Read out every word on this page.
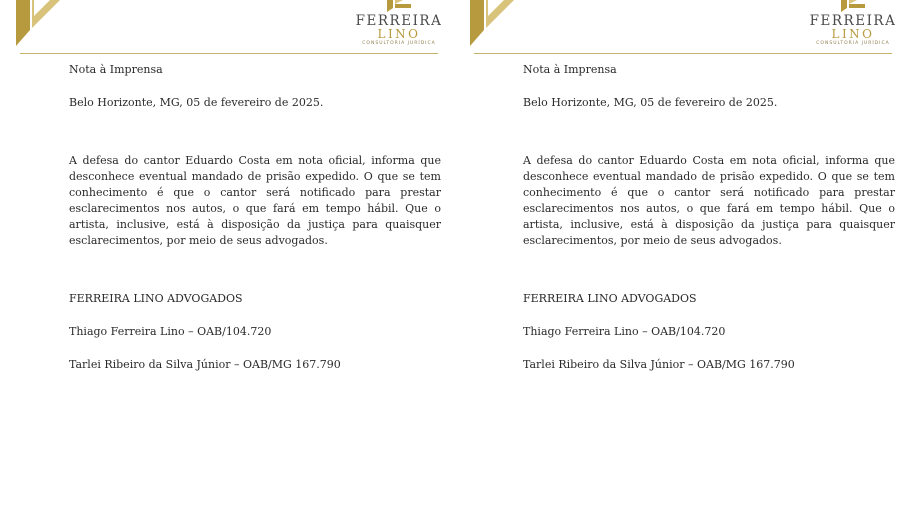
FERREIRA
LINO
CONSULTORIA JURÍDICA

Nota à Imprensa

Belo Horizonte, MG, 05 de fevereiro de 2025.

A defesa do cantor Eduardo Costa em nota oficial, informa que desconhece eventual mandado de prisão expedido. O que se tem conhecimento é que o cantor será notificado para prestar esclarecimentos nos autos, o que fará em tempo hábil. Que o artista, inclusive, está à disposição da justiça para quaisquer esclarecimentos, por meio de seus advogados.

FERREIRA LINO ADVOGADOS

Thiago Ferreira Lino – OAB/104.720

Tarlei Ribeiro da Silva Júnior – OAB/MG 167.790

FERREIRA
LINO
CONSULTORIA JURÍDICA

Nota à Imprensa

Belo Horizonte, MG, 05 de fevereiro de 2025.

A defesa do cantor Eduardo Costa em nota oficial, informa que desconhece eventual mandado de prisão expedido. O que se tem conhecimento é que o cantor será notificado para prestar esclarecimentos nos autos, o que fará em tempo hábil. Que o artista, inclusive, está à disposição da justiça para quaisquer esclarecimentos, por meio de seus advogados.

FERREIRA LINO ADVOGADOS

Thiago Ferreira Lino – OAB/104.720

Tarlei Ribeiro da Silva Júnior – OAB/MG 167.790
